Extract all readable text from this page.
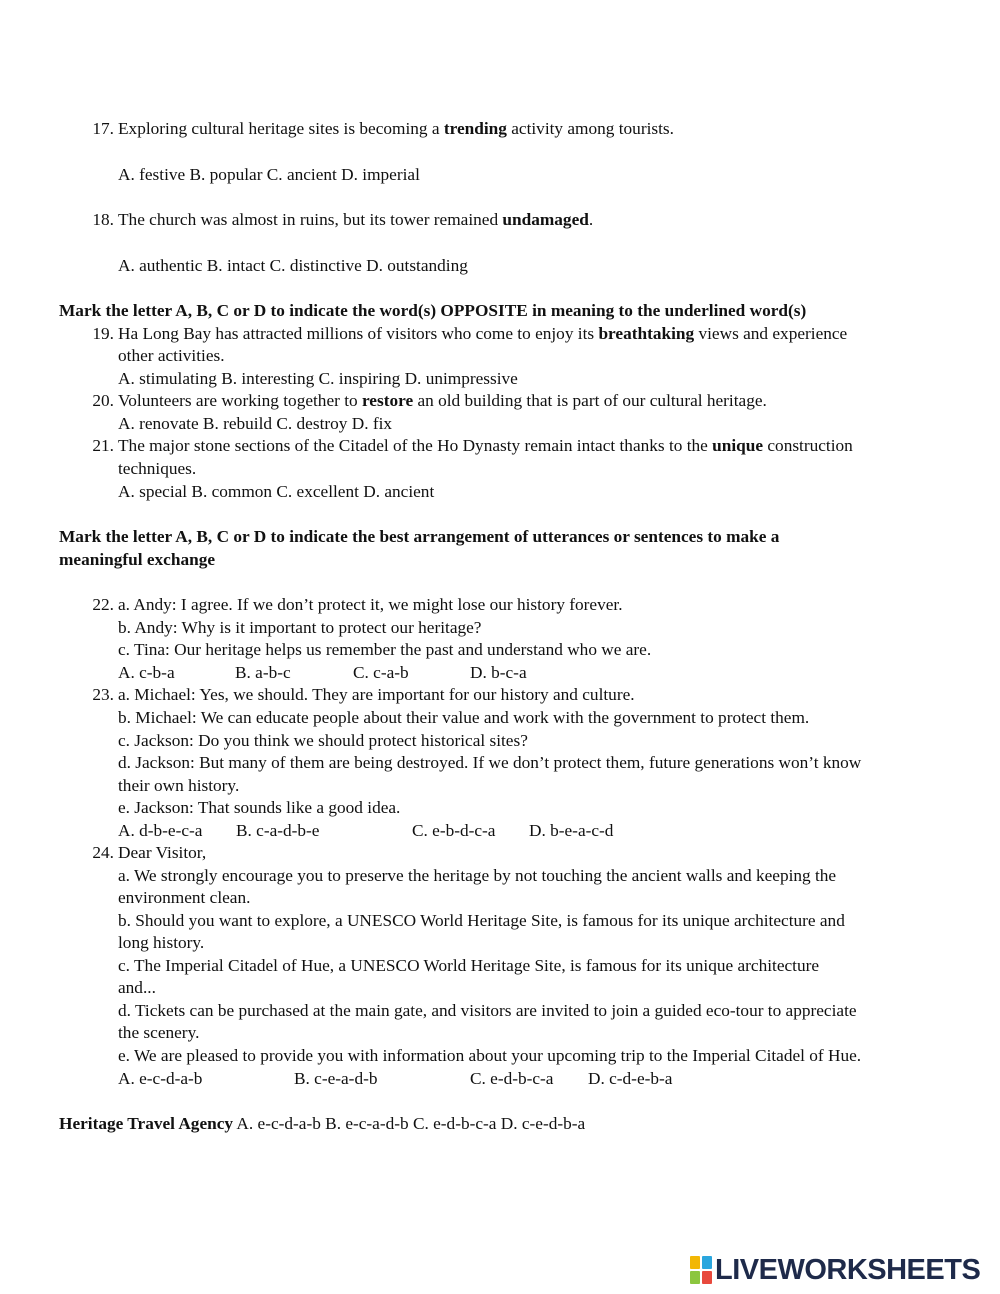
17. Exploring cultural heritage sites is becoming a trending activity among tourists.
A. festive B. popular C. ancient D. imperial
18. The church was almost in ruins, but its tower remained undamaged.
A. authentic B. intact C. distinctive D. outstanding
Mark the letter A, B, C or D to indicate the word(s) OPPOSITE in meaning to the underlined word(s)
19. Ha Long Bay has attracted millions of visitors who come to enjoy its breathtaking views and experience
other activities.
A. stimulating B. interesting C. inspiring D. unimpressive
20. Volunteers are working together to restore an old building that is part of our cultural heritage.
A. renovate B. rebuild C. destroy D. fix
21. The major stone sections of the Citadel of the Ho Dynasty remain intact thanks to the unique construction
techniques.
A. special B. common C. excellent D. ancient
Mark the letter A, B, C or D to indicate the best arrangement of utterances or sentences to make a
meaningful exchange
22. a. Andy: I agree. If we don’t protect it, we might lose our history forever.
b. Andy: Why is it important to protect our heritage?
c. Tina: Our heritage helps us remember the past and understand who we are.
A. c-b-a	B. a-b-c	C. c-a-b	D. b-c-a
23. a. Michael: Yes, we should. They are important for our history and culture.
b. Michael: We can educate people about their value and work with the government to protect them.
c. Jackson: Do you think we should protect historical sites?
d. Jackson: But many of them are being destroyed. If we don’t protect them, future generations won’t know
their own history.
e. Jackson: That sounds like a good idea.
A. d-b-e-c-a B. c-a-d-b-e	C. e-b-d-c-a D. b-e-a-c-d
24. Dear Visitor,
a. We strongly encourage you to preserve the heritage by not touching the ancient walls and keeping the
environment clean.
b. Should you want to explore, a UNESCO World Heritage Site, is famous for its unique architecture and
long history.
c. The Imperial Citadel of Hue, a UNESCO World Heritage Site, is famous for its unique architecture
and...
d. Tickets can be purchased at the main gate, and visitors are invited to join a guided eco-tour to appreciate
the scenery.
e. We are pleased to provide you with information about your upcoming trip to the Imperial Citadel of Hue.
A. e-c-d-a-b	B. c-e-a-d-b	C. e-d-b-c-a D. c-d-e-b-a
Heritage Travel Agency A. e-c-d-a-b B. e-c-a-d-b C. e-d-b-c-a D. c-e-d-b-a
LIVEWORKSHEETS
